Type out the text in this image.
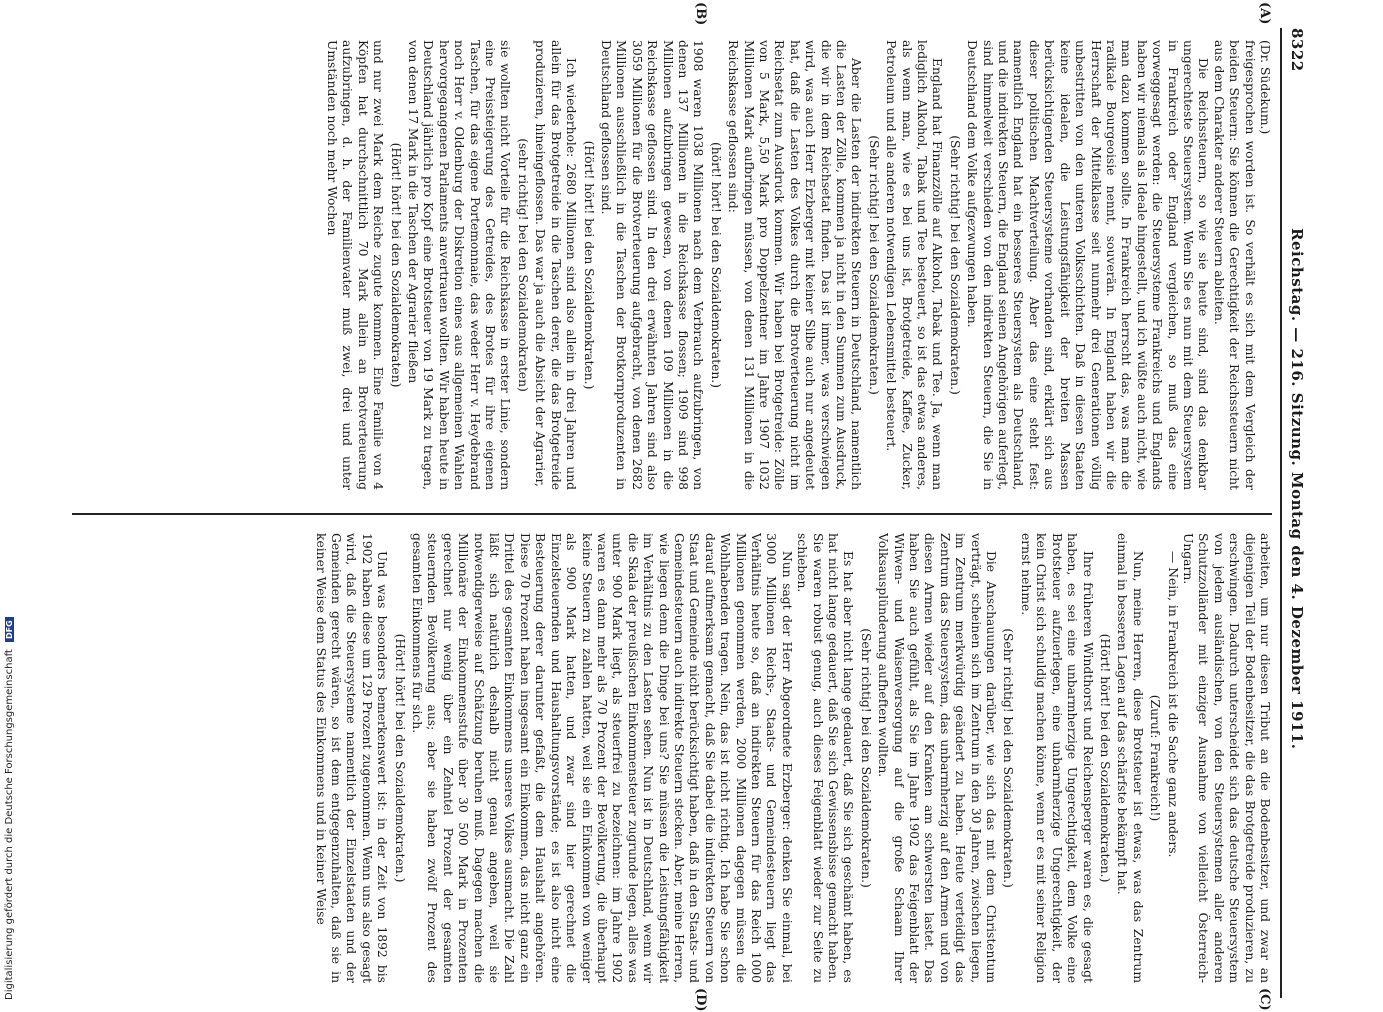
8322
Reichstag. — 216. Sitzung. Montag den 4. Dezember 1911.
(A)
(B)
(C)
(D)

(Dr. Südekum.)

freigesprochen worden ist. So verhält es sich mit dem Vergleich der beiden Steuern: Sie können die Gerechtigkeit der Reichssteuern nicht aus dem Charakter anderer Steuern ableiten.

Die Reichssteuern, so wie sie heute sind, sind das denkbar ungerechteste Steuersystem. Wenn Sie es nun mit dem Steuersystem in Frankreich oder England vergleichen, so muß das eine vorweggesagt werden: die Steuersysteme Frankreichs und Englands haben wir niemals als Ideale hingestellt, und ich wüßte auch nicht, wie man dazu kommen sollte. In Frankreich herrscht das, was man die radikale Bourgeoisie nennt, souverän. In England haben wir die Herrschaft der Mittelklasse seit nunmehr drei Generationen völlig unbestritten von den unteren Volksschichten. Daß in diesen Staaten keine idealen, die Leistungsfähigkeit der breiten Massen berücksichtigenden Steuersysteme vorhanden sind, erklärt sich aus dieser politischen Machtverteilung. Aber das eine steht fest: namentlich England hat ein besseres Steuersystem als Deutschland, und die indirekten Steuern, die England seinen Angehörigen auferlegt, sind himmelweit verschieden von den indirekten Steuern, die Sie in Deutschland dem Volke aufgezwungen haben.

(Sehr richtig! bei den Sozialdemokraten.)

England hat Finanzzölle auf Alkohol, Tabak und Tee. Ja, wenn man lediglich Alkohol, Tabak und Tee besteuert, so ist das etwas anderes, als wenn man, wie es bei uns ist, Brotgetreide, Kaffee, Zucker, Petroleum und alle anderen notwendigen Lebensmittel besteuert.

(Sehr richtig! bei den Sozialdemokraten.)

Aber die Lasten der indirekten Steuern in Deutschland, namentlich die Lasten der Zölle, kommen ja nicht in den Summen zum Ausdruck, die wir in dem Reichsetat finden. Das ist immer, was verschwiegen wird, was auch Herr Erzberger mit keiner Silbe auch nur angedeutet hat, daß die Lasten des Volkes durch die Brotverteuerung nicht im Reichsetat zum Ausdruck kommen. Wir haben bei Brotgetreide: Zölle von 5 Mark, 5,50 Mark pro Doppelzentner im Jahre 1907 1032 Millionen Mark aufbringen müssen, von denen 131 Millionen in die Reichskasse geflossen sind:

(hört! hört! bei den Sozialdemokraten.)

1908 waren 1038 Millionen nach dem Verbrauch aufzubringen, von denen 137 Millionen in die Reichskasse flossen; 1909 sind 998 Millionen aufzubringen gewesen, von denen 109 Millionen in die Reichskasse geflossen sind. In den drei erwähnten Jahren sind also 3059 Millionen für die Brotverteuerung aufgebracht, von denen 2682 Millionen ausschließlich in die Taschen der Brotkornproduzenten in Deutschland geflossen sind.

(Hört! hört! bei den Sozialdemokraten.)

Ich wiederhole: 2680 Millionen sind also allein in drei Jahren und allein für das Brotgetreide in die Taschen derer, die das Brotgetreide produzieren, hineingeflossen. Das war ja auch die Absicht der Agrarier,

(sehr richtig! bei den Sozialdemokraten)

sie wollten nicht Vorteile für die Reichskasse in erster Linie, sondern eine Preissteigerung des Getreides, des Brotes für ihre eigenen Taschen, für das eigene Portemonnaie, das weder Herr v. Heydebrand noch Herr v. Oldenburg der Diskretion eines aus allgemeinen Wahlen hervorgegangenen Parlaments anvertrauen wollten. Wir haben heute in Deutschland jährlich pro Kopf eine Brotsteuer von 19 Mark zu tragen, von denen 17 Mark in die Taschen der Agrarier fließen

(Hört! hört! bei den Sozialdemokraten)

und nur zwei Mark dem Reiche zugute kommen. Eine Familie von 4 Köpfen hat durchschnittlich 70 Mark allein an Brotverteuerung aufzubringen, d. h. der Familienvater muß zwei, drei und unter Umständen noch mehr Wochen

arbeiten, um nur diesen Tribut an die Bodenbesitzer, und zwar an diejenigen Teil der Bodenbesitzer, die das Brotgetreide produzieren, zu erschwingen. Dadurch unterscheidet sich das deutsche Steuersystem von jedem ausländischen, von den Steuersystemen aller anderen Schutzzolländer mit einziger Ausnahme von vielleicht Österreich-Ungarn.

— Nein, in Frankreich ist die Sache ganz anders.

(Zuruf: Frankreich!)

Nun, meine Herren, diese Brotsteuer ist etwas, was das Zentrum einmal in besseren Lagen auf das schärfste bekämpft hat.

(Hört! hört! bei den Sozialdemokraten.)

Ihre früheren Windthorst und Reichensperger waren es, die gesagt haben, es sei eine unbarmherzige Ungerechtigkeit, dem Volke eine Brotsteuer aufzuerlegen, eine unbarmherzige Ungerechtigkeit, der kein Christ sich schuldig machen könne, wenn er es mit seiner Religion ernst nehme.

(Sehr richtig! bei den Sozialdemokraten.)

Die Anschauungen darüber, wie sich das mit dem Christentum verträgt, scheinen sich im Zentrum in den 30 Jahren, zwischen liegen, im Zentrum merkwürdig geändert zu haben. Heute verteidigt das Zentrum das Steuersystem, das unbarmherzig auf den Armen und von diesen Armen wieder auf den Kranken am schwersten lastet. Das haben Sie auch gefühlt, als Sie im Jahre 1902 das Feigenblatt der Witwen- und Waisenversorgung auf die große Schaam Ihrer Volksausplünderung aufheften wollten.

(Sehr richtig! bei den Sozialdemokraten.)

Es hat aber nicht lange gedauert, daß Sie sich geschämt haben, es hat nicht lange gedauert, daß Sie sich Gewissensbisse gemacht haben. Sie waren robust genug, auch dieses Feigenblatt wieder zur Seite zu schieben.

Nun sagt der Herr Abgeordnete Erzberger: denken Sie einmal, bei 3000 Millionen Reichs-, Staats- und Gemeindesteuern liegt das Verhältnis heute so, daß an indirekten Steuern für das Reich 1000 Millionen genommen werden, 2000 Millionen dagegen müssen die Wohlhabenden tragen. Nein, das ist nicht richtig. Ich habe Sie schon darauf aufmerksam gemacht, daß Sie dabei die indirekten Steuern von Staat und Gemeinde nicht berücksichtigt haben, daß in den Staats- und Gemeindesteuern auch indirekte Steuern stecken. Aber, meine Herren, wie liegen denn die Dinge bei uns? Sie müssen die Leistungsfähigkeit im Verhältnis zu den Lasten sehen. Nun ist in Deutschland, wenn wir die Skala der preußischen Einkommensteuer zugrunde legen, alles was unter 900 Mark liegt, als steuerfrei zu bezeichnen: im Jahre 1902 waren es dann mehr als 70 Prozent der Bevölkerung, die überhaupt keine Steuern zu zahlen hatten, weil sie ein Einkommen von weniger als 900 Mark hatten, und zwar sind hier gerechnet die Einzelsteuernden und Haushaltungsvorstände; es ist also nicht eine Besteuerung derer darunter gefaßt, die dem Haushalt angehören. Diese 70 Prozent haben insgesamt ein Einkommen, das nicht ganz ein Drittel des gesamten Einkommens unseres Volkes ausmacht. Die Zahl läßt sich natürlich deshalb nicht genau angeben, weil sie notwendigerweise auf Schätzung beruhen muß. Dagegen machen die Millionäre der Einkommensstufe über 30 500 Mark in Prozenten gerechnet nur wenig über ein Zehntel Prozent der gesamten steuernden Bevölkerung aus; aber sie haben zwölf Prozent des gesamten Einkommens für sich.

(Hört! hört! bei den Sozialdemokraten.)

Und was besonders bemerkenswert ist: in der Zeit von 1892 bis 1902 haben diese um 129 Prozent zugenommen. Wenn uns also gesagt wird, daß die Steuersysteme namentlich der Einzelstaaten und der Gemeinden gerecht wären, so ist dem entgegenzuhalten, daß sie in keiner Weise dem Status des Einkommens und in keiner Weise

Digitalisierung gefördert durch die Deutsche Forschungsgemeinschaft DFG
